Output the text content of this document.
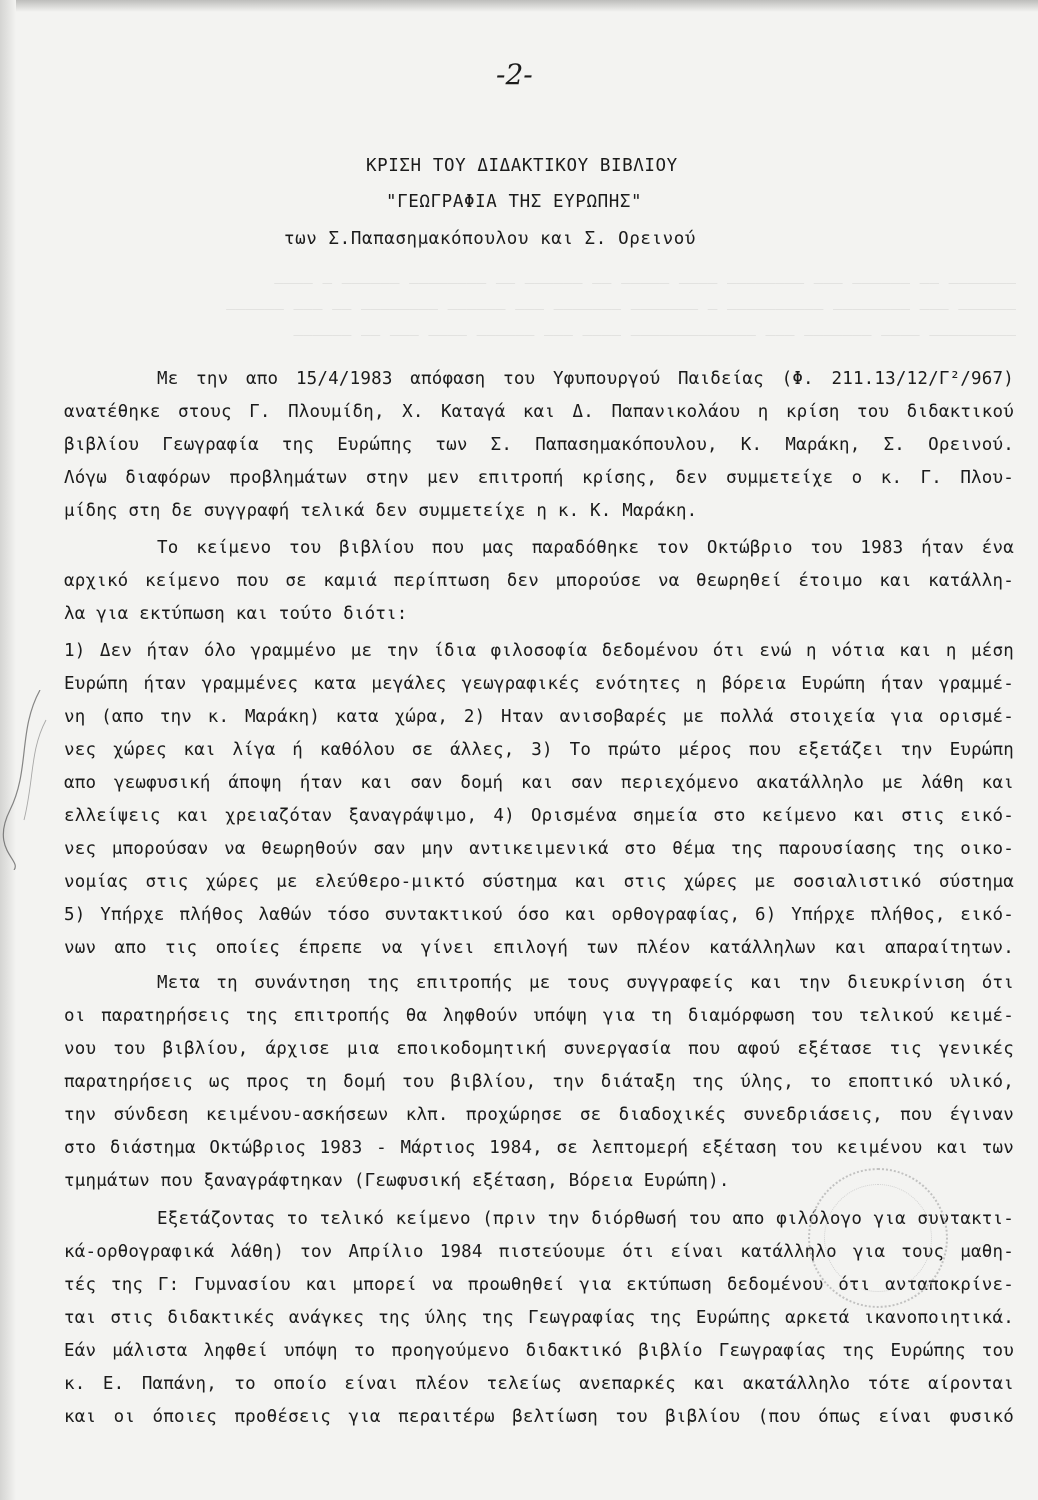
_______ __ ______ ___ ________ ____ _____ __ ______ __ ________ ______ _ ____
______ ___ ________ __________ _ _______ _______ ___ ______ ________ __ ___ ______
_________ ____ _______ ___ _____________ ____ ___ ______ ____ ___ __ ______

-2-

ΚΡΙΣΗ ΤΟΥ ΔΙΔΑΚΤΙΚΟΥ ΒΙΒΛΙΟΥ
"ΓΕΩΓΡΑΦΙΑ ΤΗΣ ΕΥΡΩΠΗΣ"
των Σ.Παπασημακόπουλου και Σ. Ορεινού
Με την απο 15/4/1983 απόφαση του Υφυπουργού Παιδείας (Φ. 211.13/12/Γ²/967)
ανατέθηκε στους Γ. Πλουμίδη, Χ. Καταγά και Δ. Παπανικολάου η κρίση του διδακτικού
βιβλίου Γεωγραφία της Ευρώπης των Σ. Παπασημακόπουλου, Κ. Μαράκη, Σ. Ορεινού.
Λόγω διαφόρων προβλημάτων στην μεν επιτροπή κρίσης, δεν συμμετείχε ο κ. Γ. Πλου-
μίδης στη δε συγγραφή τελικά δεν συμμετείχε η κ. Κ. Μαράκη.
Το κείμενο του βιβλίου που μας παραδόθηκε τον Οκτώβριο του 1983 ήταν ένα
αρχικό κείμενο που σε καμιά περίπτωση δεν μπορούσε να θεωρηθεί έτοιμο και κατάλλη-
λα για εκτύπωση και τούτο διότι:
1) Δεν ήταν όλο γραμμένο με την ίδια φιλοσοφία δεδομένου ότι ενώ η νότια και η μέση
Ευρώπη ήταν γραμμένες κατα μεγάλες γεωγραφικές ενότητες η βόρεια Ευρώπη ήταν γραμμέ-
νη (απο την κ. Μαράκη) κατα χώρα, 2) Ηταν ανισοβαρές με πολλά στοιχεία για ορισμέ-
νες χώρες και λίγα ή καθόλου σε άλλες, 3) Το πρώτο μέρος που εξετάζει την Ευρώπη
απο γεωφυσική άποψη ήταν και σαν δομή και σαν περιεχόμενο ακατάλληλο με λάθη και
ελλείψεις και χρειαζόταν ξαναγράψιμο, 4) Ορισμένα σημεία στο κείμενο και στις εικό-
νες μπορούσαν να θεωρηθούν σαν μην αντικειμενικά στο θέμα της παρουσίασης της οικο-
νομίας στις χώρες με ελεύθερο-μικτό σύστημα και στις χώρες με σοσιαλιστικό σύστημα
5) Υπήρχε πλήθος λαθών τόσο συντακτικού όσο και ορθογραφίας, 6) Υπήρχε πλήθος, εικό-
νων απο τις οποίες έπρεπε να γίνει επιλογή των πλέον κατάλληλων και απαραίτητων.
Μετα τη συνάντηση της επιτροπής με τους συγγραφείς και την διευκρίνιση ότι
οι παρατηρήσεις της επιτροπής θα ληφθούν υπόψη για τη διαμόρφωση του τελικού κειμέ-
νου του βιβλίου, άρχισε μια εποικοδομητική συνεργασία που αφού εξέτασε τις γενικές
παρατηρήσεις ως προς τη δομή του βιβλίου, την διάταξη της ύλης, το εποπτικό υλικό,
την σύνδεση κειμένου-ασκήσεων κλπ. προχώρησε σε διαδοχικές συνεδριάσεις, που έγιναν
στο διάστημα Οκτώβριος 1983 - Μάρτιος 1984, σε λεπτομερή εξέταση του κειμένου και των
τμημάτων που ξαναγράφτηκαν (Γεωφυσική εξέταση, Βόρεια Ευρώπη).
Εξετάζοντας το τελικό κείμενο (πριν την διόρθωσή του απο φιλόλογο για συντακτι-
κά-ορθογραφικά λάθη) τον Απρίλιο 1984 πιστεύουμε ότι είναι κατάλληλο για τους μαθη-
τές της Γ: Γυμνασίου και μπορεί να προωθηθεί για εκτύπωση δεδομένου ότι ανταποκρίνε-
ται στις διδακτικές ανάγκες της ύλης της Γεωγραφίας της Ευρώπης αρκετά ικανοποιητικά.
Εάν μάλιστα ληφθεί υπόψη το προηγούμενο διδακτικό βιβλίο Γεωγραφίας της Ευρώπης του
κ. Ε. Παπάνη, το οποίο είναι πλέον τελείως ανεπαρκές και ακατάλληλο τότε αίρονται
και οι όποιες προθέσεις για περαιτέρω βελτίωση του βιβλίου (που όπως είναι φυσικό
